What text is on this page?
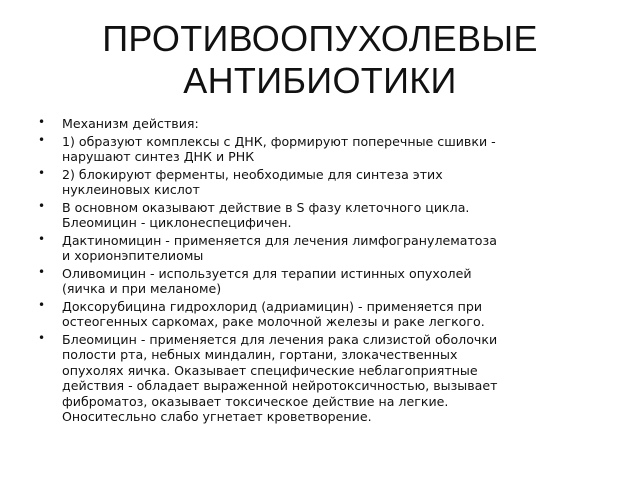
ПРОТИВООПУХОЛЕВЫЕ
АНТИБИОТИКИ
• Механизм действия:
• 1) образуют комплексы с ДНК, формируют поперечные сшивки -
нарушают синтез ДНК и РНК
• 2) блокируют ферменты, необходимые для синтеза этих
нуклеиновых кислот
• В основном оказывают действие в S фазу клеточного цикла.
Блеомицин - циклонеспецифичен.
• Дактиномицин - применяется для лечения лимфогранулематоза
и хорионэпителиомы
• Оливомицин - используется для терапии истинных опухолей
(яичка и при меланоме)
• Доксорубицина гидрохлорид (адриамицин) - применяется при
остеогенных саркомах, раке молочной железы и раке легкого.
• Блеомицин - применяется для лечения рака слизистой оболочки
полости рта, небных миндалин, гортани, злокачественных
опухолях яичка. Оказывает специфические неблагоприятные
действия - обладает выраженной нейротоксичностью, вызывает
фиброматоз, оказывает токсическое действие на легкие.
Оноситесльно слабо угнетает кроветворение.
